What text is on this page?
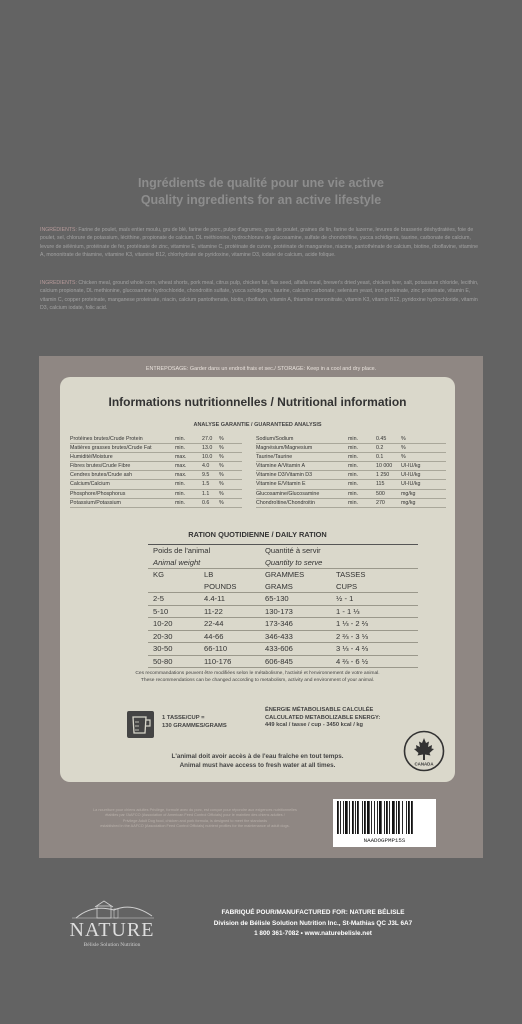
Ingrédients de qualité pour une vie active
Quality ingredients for an active lifestyle
INGRÉDIENTS: Farine de poulet, maïs entier moulu, gru de blé, farine de porc, pulpe d'agrumes, gras de poulet, graines de lin, farine de luzerne, levures de brasserie déshydratées, foie de poulet, sel, chlorure de potassium, lécithine, propionate de calcium, DL méthionine, hydrochlorure de glucosamine, sulfate de chondroïtine, yucca schidigera, taurine, carbonate de calcium, levure de sélénium, protéinate de fer, protéinate de zinc, vitamine E, vitamine C, protéinate de cuivre, protéinate de manganèse, niacine, pantothénate de calcium, biotine, riboflavine, vitamine A, mononitrate de thiamine, vitamine K3, vitamine B12, chlorhydrate de pyridoxine, vitamine D3, iodate de calcium, acide folique.
INGREDIENTS: Chicken meal, ground whole corn, wheat shorts, pork meal, citrus pulp, chicken fat, flax seed, alfalfa meal, brewer's dried yeast, chicken liver, salt, potassium chloride, lecithin, calcium propionate, DL methionine, glucosamine hydrochloride, chondroitin sulfate, yucca schidigera, taurine, calcium carbonate, selenium yeast, iron proteinate, zinc proteinate, vitamin E, vitamin C, copper proteinate, manganese proteinate, niacin, calcium pantothenate, biotin, riboflavin, vitamin A, thiamine mononitrate, vitamin K3, vitamin B12, pyridoxine hydrochloride, vitamin D3, calcium iodate, folic acid.
ENTREPOSAGE: Garder dans un endroit frais et sec./ STORAGE: Keep in a cool and dry place.
Informations nutritionnelles / Nutritional information
ANALYSE GARANTIE / GUARANTEED ANALYSIS
Protéines brutes/Crude Protein	min.	27.0	%
Matières grasses brutes/Crude Fat	min.	13.0	%
Humidité/Moisture	max.	10.0	%
Fibres brutes/Crude Fibre	max.	4.0	%
Cendres brutes/Crude ash	max.	9.5	%
Calcium/Calcium	min.	1.5	%
Phosphore/Phosphorus	min.	1.1	%
Potassium/Potassium	min.	0.6	%
Sodium/Sodium	min.	0.45	%
Magnésium/Magnesium	min.	0.2	%
Taurine/Taurine	min.	0.1	%
Vitamine A/Vitamin A	min.	10 000	UI-IU/kg
Vitamine D3/Vitamin D3	min.	1 250	UI-IU/kg
Vitamine E/Vitamin E	min.	115	UI-IU/kg
Glucosamine/Glucosamine	min.	500	mg/kg
Chondroïtine/Chondroitin	min.	270	mg/kg
RATION QUOTIDIENNE / DAILY RATION
Poids de l'animal		Quantité à servir	
Animal weight		Quantity to serve	
KG	LB	GRAMMES	TASSES
	POUNDS	GRAMS	CUPS
2-5	4.4-11	65-130	½ - 1
5-10	11-22	130-173	1 - 1 ⅓
10-20	22-44	173-346	1 ⅓ - 2 ⅔
20-30	44-66	346-433	2 ⅔ - 3 ⅓
30-50	66-110	433-606	3 ⅓ - 4 ⅔
50-80	110-176	606-845	4 ⅔ - 6 ½
Ces recommandations peuvent être modifiées selon le métabolisme, l'activité et l'environnement de votre animal.
These recommendations can be changed according to metabolism, activity and environment of your animal.
1 TASSE/CUP =
130 GRAMMES/GRAMS
ÉNERGIE MÉTABOLISABLE CALCULÉE
CALCULATED METABOLIZABLE ENERGY:
449 kcal / tasse / cup - 3450 kcal / kg
CANADA
L'animal doit avoir accès à de l'eau fraîche en tout temps.
Animal must have access to fresh water at all times.
La nourriture pour chiens adultes Privilège, formulé avec du porc, est conçue pour répondre aux exigences nutritionnelles
établies par l'AAFCO (Association of American Feed Control Officials) pour le maintien des chiens adultes /
Privilege Adult Dog food, chicken and pork formula, is designed to meet the standards
established in the AAFCO (Association Feed Control Officials) nutrient profiles for the maintenance of adult dogs.
NAADOGPMP15S
NATURE
Bélisle Solution Nutrition
FABRIQUÉ POUR/MANUFACTURED FOR: NATURE BÉLISLE
Division de Bélisle Solution Nutrition Inc., St-Mathias QC J3L 6A7
1 800 361-7082 • www.naturebelisle.net
